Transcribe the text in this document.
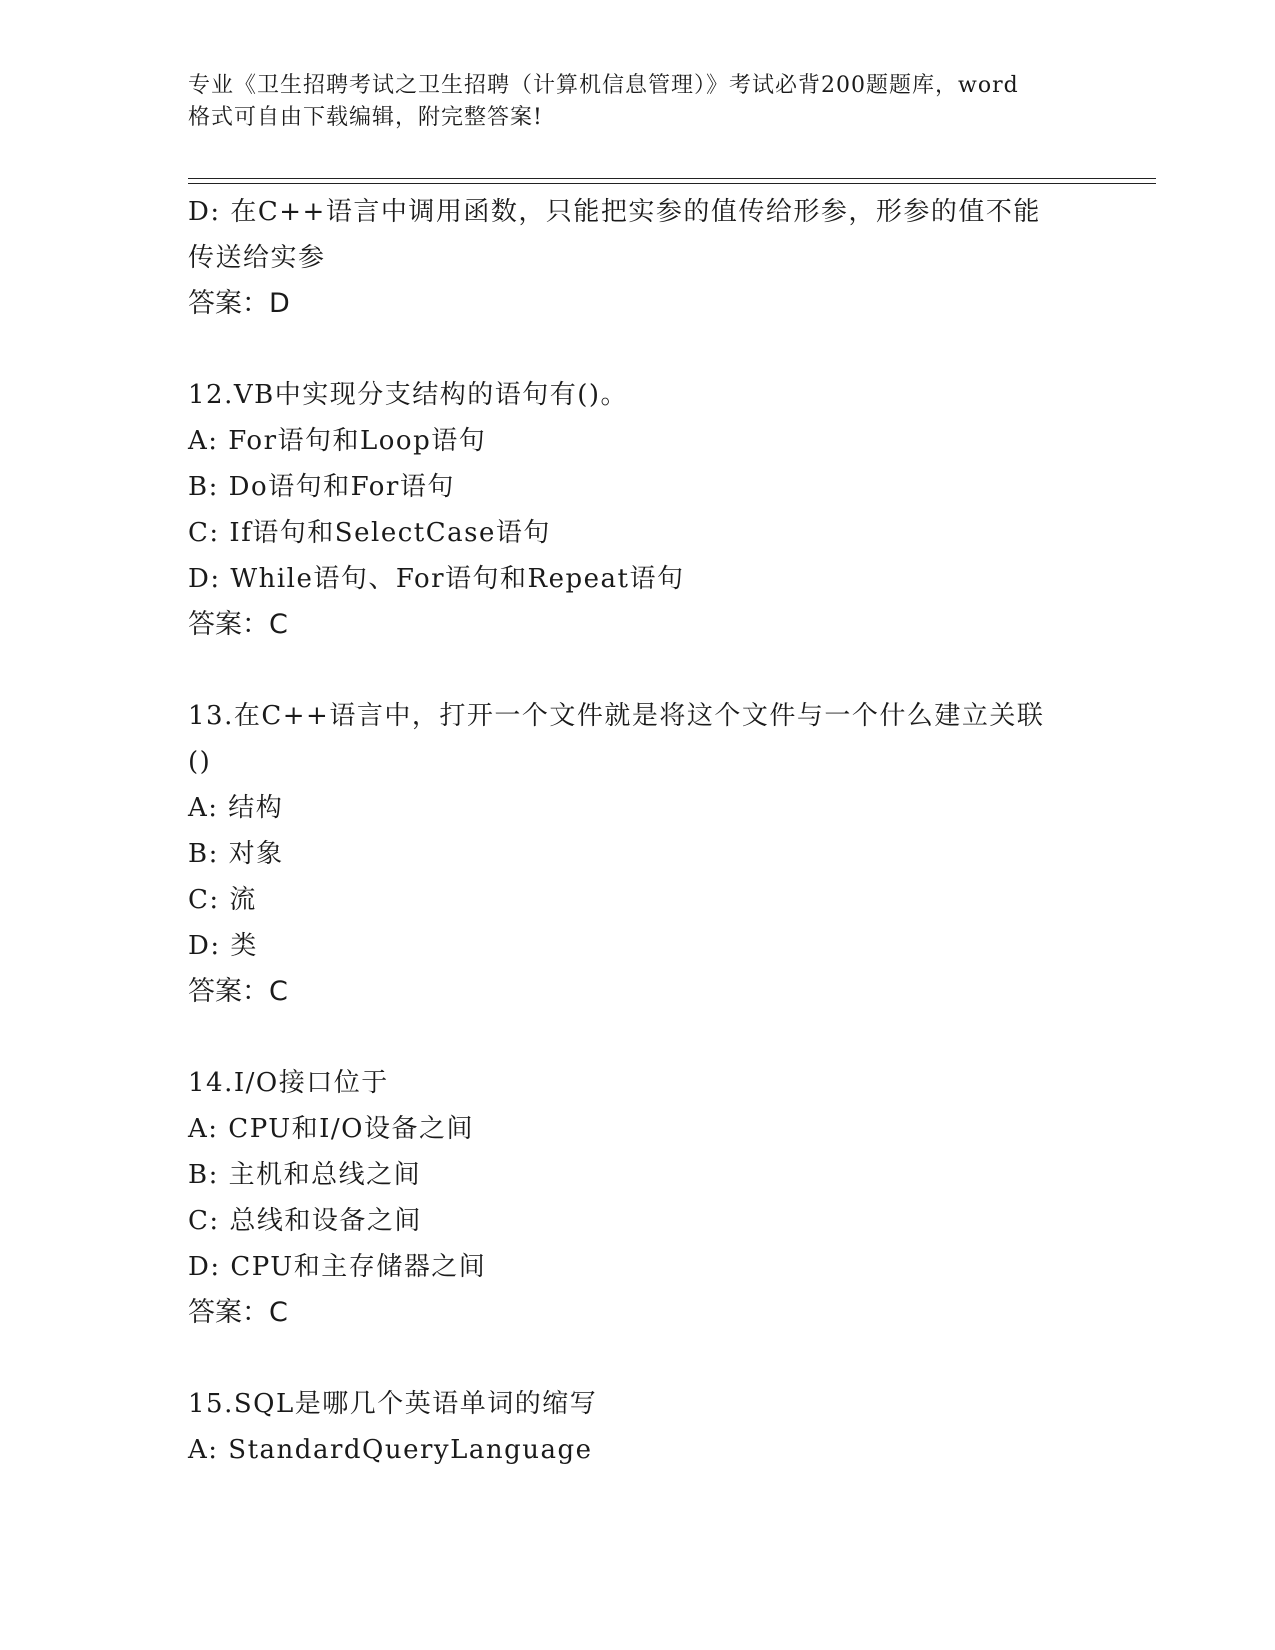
专业《卫生招聘考试之卫生招聘（计算机信息管理）》考试必背200题题库，word
格式可自由下载编辑，附完整答案!
D: 在C++语言中调用函数，只能把实参的值传给形参，形参的值不能
传送给实参
答案：D
12.VB中实现分支结构的语句有()。
A: For语句和Loop语句
B: Do语句和For语句
C: If语句和SelectCase语句
D: While语句、For语句和Repeat语句
答案：C
13.在C++语言中，打开一个文件就是将这个文件与一个什么建立关联
()
A: 结构
B: 对象
C: 流
D: 类
答案：C
14.I/O接口位于
A: CPU和I/O设备之间
B: 主机和总线之间
C: 总线和设备之间
D: CPU和主存储器之间
答案：C
15.SQL是哪几个英语单词的缩写
A: StandardQueryLanguage
